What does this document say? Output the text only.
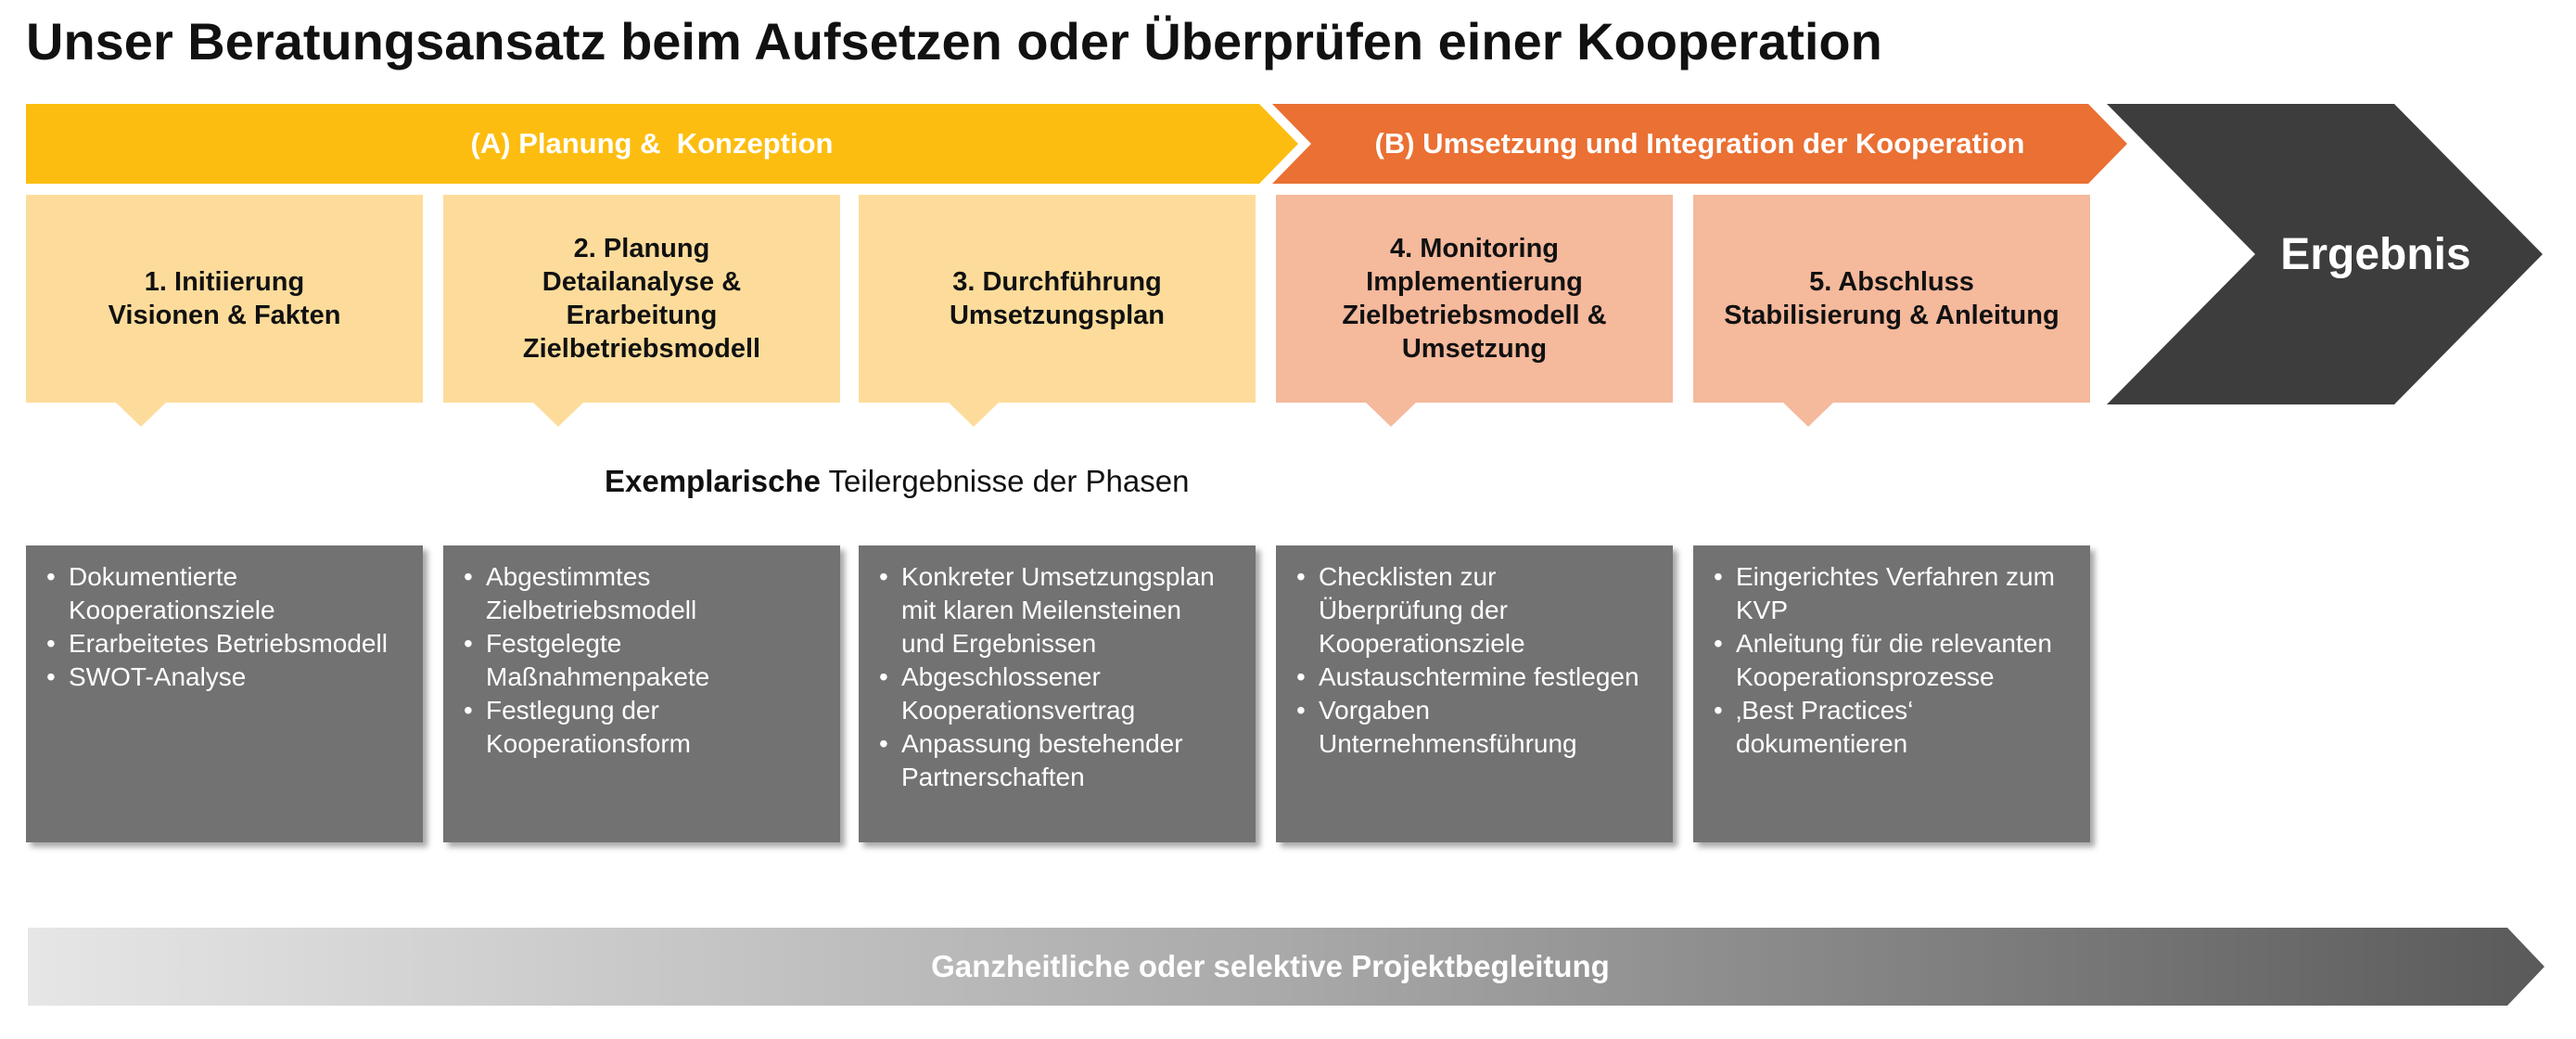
Unser Beratungsansatz beim Aufsetzen oder Überprüfen einer Kooperation
(A) Planung &  Konzeption	(B) Umsetzung und Integration der Kooperation
Ergebnis
1. Initiierung
Visionen & Fakten
2. Planung
Detailanalyse &
Erarbeitung
Zielbetriebsmodell
3. Durchführung
Umsetzungsplan
4. Monitoring
Implementierung
Zielbetriebsmodell &
Umsetzung
5. Abschluss
Stabilisierung & Anleitung
Exemplarische Teilergebnisse der Phasen
• Dokumentierte
Kooperationsziele
• Erarbeitetes Betriebsmodell
• SWOT-Analyse
• Abgestimmtes
Zielbetriebsmodell
• Festgelegte
Maßnahmenpakete
• Festlegung der
Kooperationsform
• Konkreter Umsetzungsplan
mit klaren Meilensteinen
und Ergebnissen
• Abgeschlossener
Kooperationsvertrag
• Anpassung bestehender
Partnerschaften
• Checklisten zur
Überprüfung der
Kooperationsziele
• Austauschtermine festlegen
• Vorgaben
Unternehmensführung
• Eingerichtes Verfahren zum
KVP
• Anleitung für die relevanten
Kooperationsprozesse
• ‚Best Practices‘
dokumentieren
Ganzheitliche oder selektive Projektbegleitung
